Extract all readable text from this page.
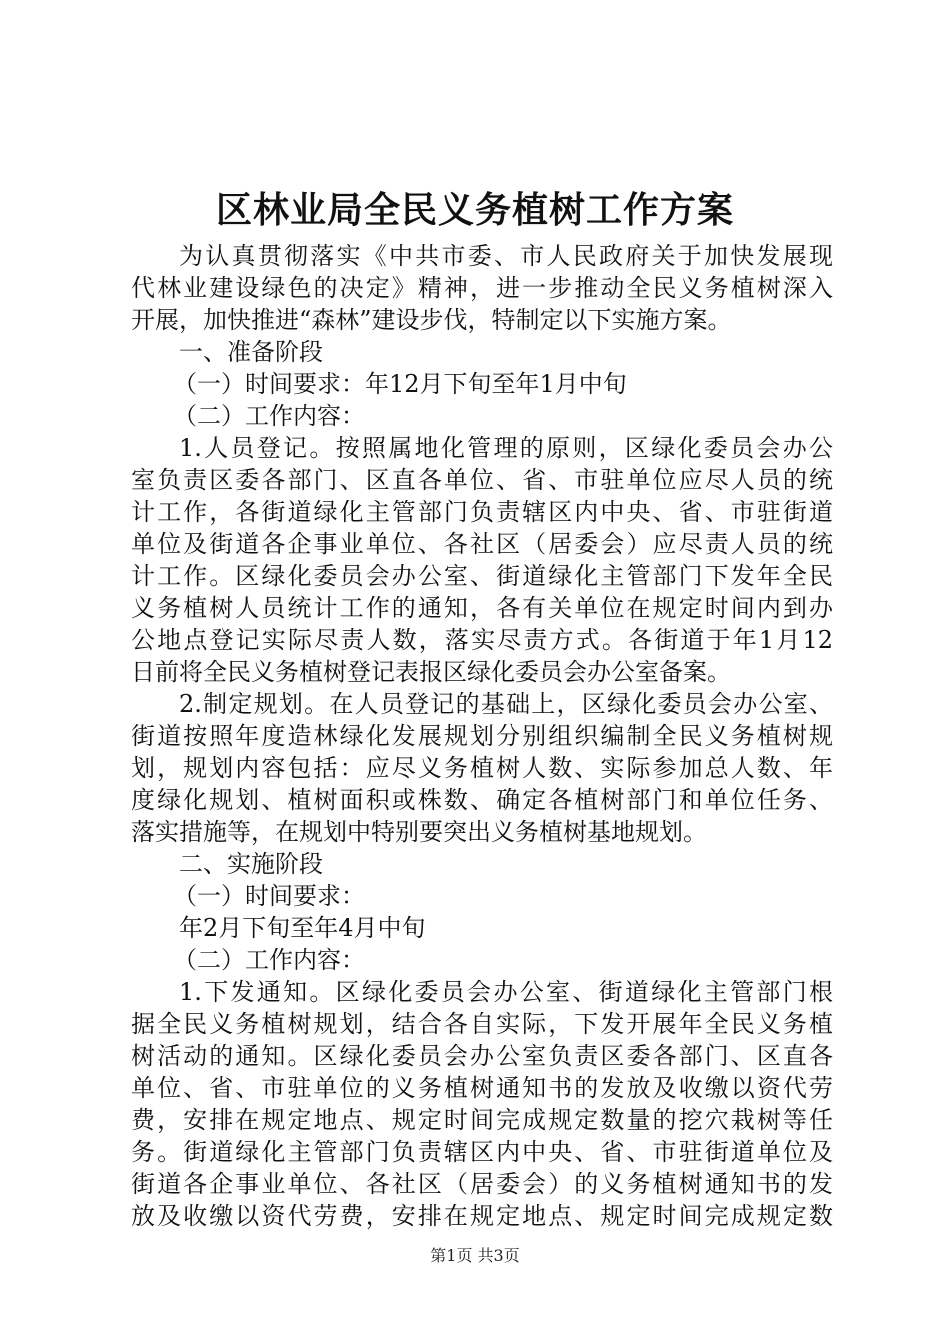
区林业局全民义务植树工作方案
为认真贯彻落实《中共市委、市人民政府关于加快发展现
代林业建设绿色的决定》精神，进一步推动全民义务植树深入
开展，加快推进“森林”建设步伐，特制定以下实施方案。
一、准备阶段
（一）时间要求：年12月下旬至年1月中旬
（二）工作内容：
1.人员登记。按照属地化管理的原则，区绿化委员会办公
室负责区委各部门、区直各单位、省、市驻单位应尽人员的统
计工作，各街道绿化主管部门负责辖区内中央、省、市驻街道
单位及街道各企事业单位、各社区（居委会）应尽责人员的统
计工作。区绿化委员会办公室、街道绿化主管部门下发年全民
义务植树人员统计工作的通知，各有关单位在规定时间内到办
公地点登记实际尽责人数，落实尽责方式。各街道于年1月12
日前将全民义务植树登记表报区绿化委员会办公室备案。
2.制定规划。在人员登记的基础上，区绿化委员会办公室、
街道按照年度造林绿化发展规划分别组织编制全民义务植树规
划，规划内容包括：应尽义务植树人数、实际参加总人数、年
度绿化规划、植树面积或株数、确定各植树部门和单位任务、
落实措施等，在规划中特别要突出义务植树基地规划。
二、实施阶段
（一）时间要求：
年2月下旬至年4月中旬
（二）工作内容：
1.下发通知。区绿化委员会办公室、街道绿化主管部门根
据全民义务植树规划，结合各自实际，下发开展年全民义务植
树活动的通知。区绿化委员会办公室负责区委各部门、区直各
单位、省、市驻单位的义务植树通知书的发放及收缴以资代劳
费，安排在规定地点、规定时间完成规定数量的挖穴栽树等任
务。街道绿化主管部门负责辖区内中央、省、市驻街道单位及
街道各企事业单位、各社区（居委会）的义务植树通知书的发
放及收缴以资代劳费，安排在规定地点、规定时间完成规定数
第1页 共3页
